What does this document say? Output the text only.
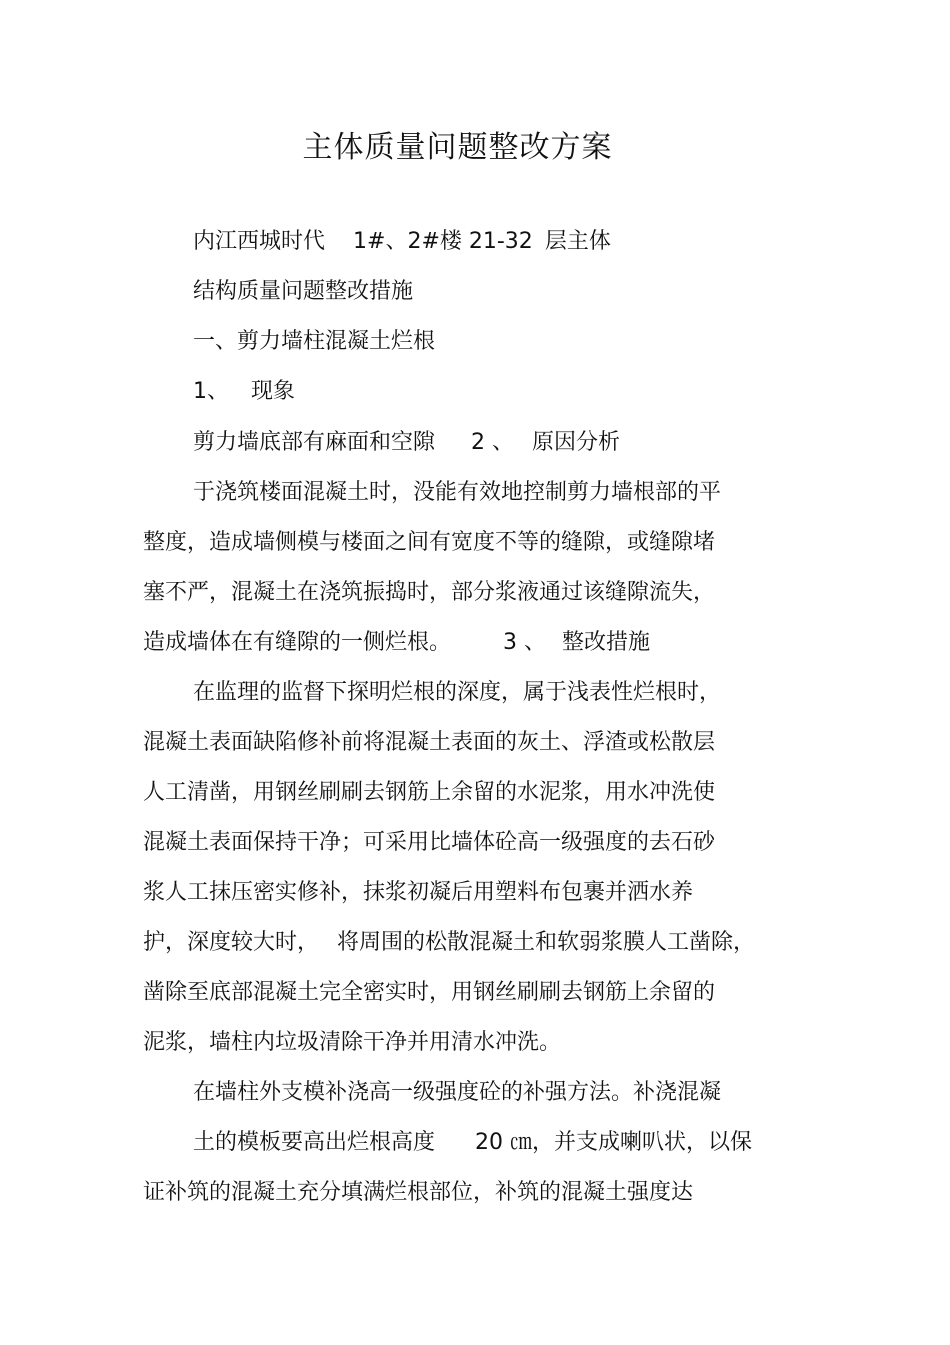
主体质量问题整改方案
内江西城时代 1#、2#楼 21-32 层主体
结构质量问题整改措施
一、剪力墙柱混凝土烂根
1、 现象
剪力墙底部有麻面和空隙 2 、 原因分析
于浇筑楼面混凝土时，没能有效地控制剪力墙根部的平
整度，造成墙侧模与楼面之间有宽度不等的缝隙，或缝隙堵
塞不严，混凝土在浇筑振捣时，部分浆液通过该缝隙流失，
造成墙体在有缝隙的一侧烂根。 3 、 整改措施
在监理的监督下探明烂根的深度，属于浅表性烂根时，
混凝土表面缺陷修补前将混凝土表面的灰土、浮渣或松散层
人工清凿，用钢丝刷刷去钢筋上余留的水泥浆，用水冲洗使
混凝土表面保持干净；可采用比墙体砼高一级强度的去石砂
浆人工抹压密实修补，抹浆初凝后用塑料布包裹并洒水养
护，深度较大时， 将周围的松散混凝土和软弱浆膜人工凿除，
凿除至底部混凝土完全密实时，用钢丝刷刷去钢筋上余留的
泥浆，墙柱内垃圾清除干净并用清水冲洗。
在墙柱外支模补浇高一级强度砼的补强方法。补浇混凝
土的模板要高出烂根高度 20 ㎝，并支成喇叭状，以保
证补筑的混凝土充分填满烂根部位，补筑的混凝土强度达
